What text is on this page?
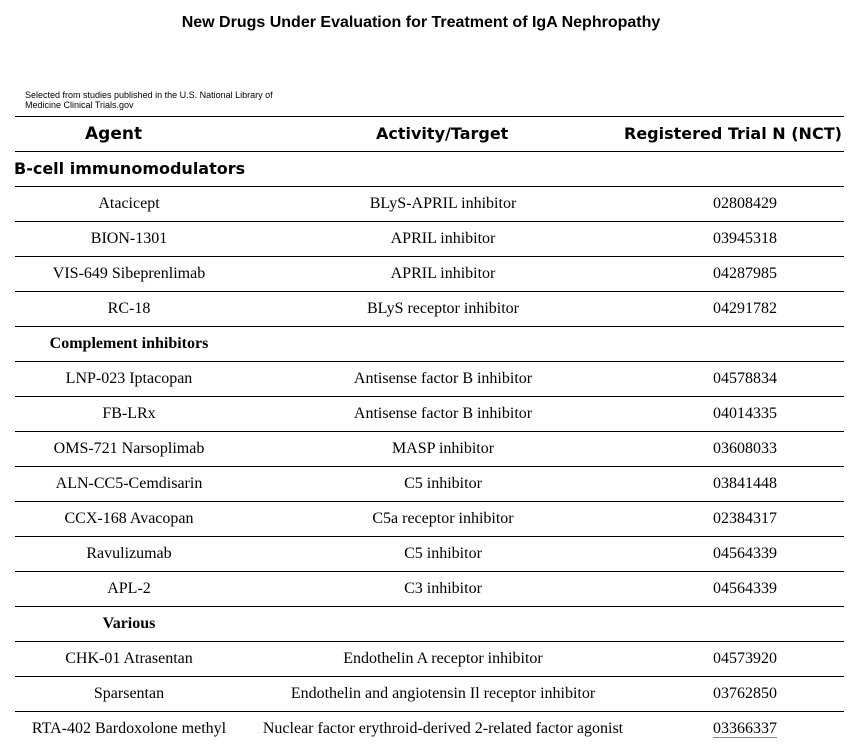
New Drugs Under Evaluation for Treatment of IgA Nephropathy
Selected from studies published in the U.S. National Library of Medicine Clinical Trials.gov
Agent	Activity/Target	Registered Trial N (NCT)
B-cell immunomodulators
Atacicept	BLyS-APRIL inhibitor	02808429
BION-1301	APRIL inhibitor	03945318
VIS-649 Sibeprenlimab	APRIL inhibitor	04287985
RC-18	BLyS receptor inhibitor	04291782
Complement inhibitors
LNP-023 Iptacopan	Antisense factor B inhibitor	04578834
FB-LRx	Antisense factor B inhibitor	04014335
OMS-721 Narsoplimab	MASP inhibitor	03608033
ALN-CC5-Cemdisarin	C5 inhibitor	03841448
CCX-168 Avacopan	C5a receptor inhibitor	02384317
Ravulizumab	C5 inhibitor	04564339
APL-2	C3 inhibitor	04564339
Various
CHK-01 Atrasentan	Endothelin A receptor inhibitor	04573920
Sparsentan	Endothelin and angiotensin Il receptor inhibitor	03762850
RTA-402 Bardoxolone methyl	Nuclear factor erythroid-derived 2-related factor agonist	03366337
